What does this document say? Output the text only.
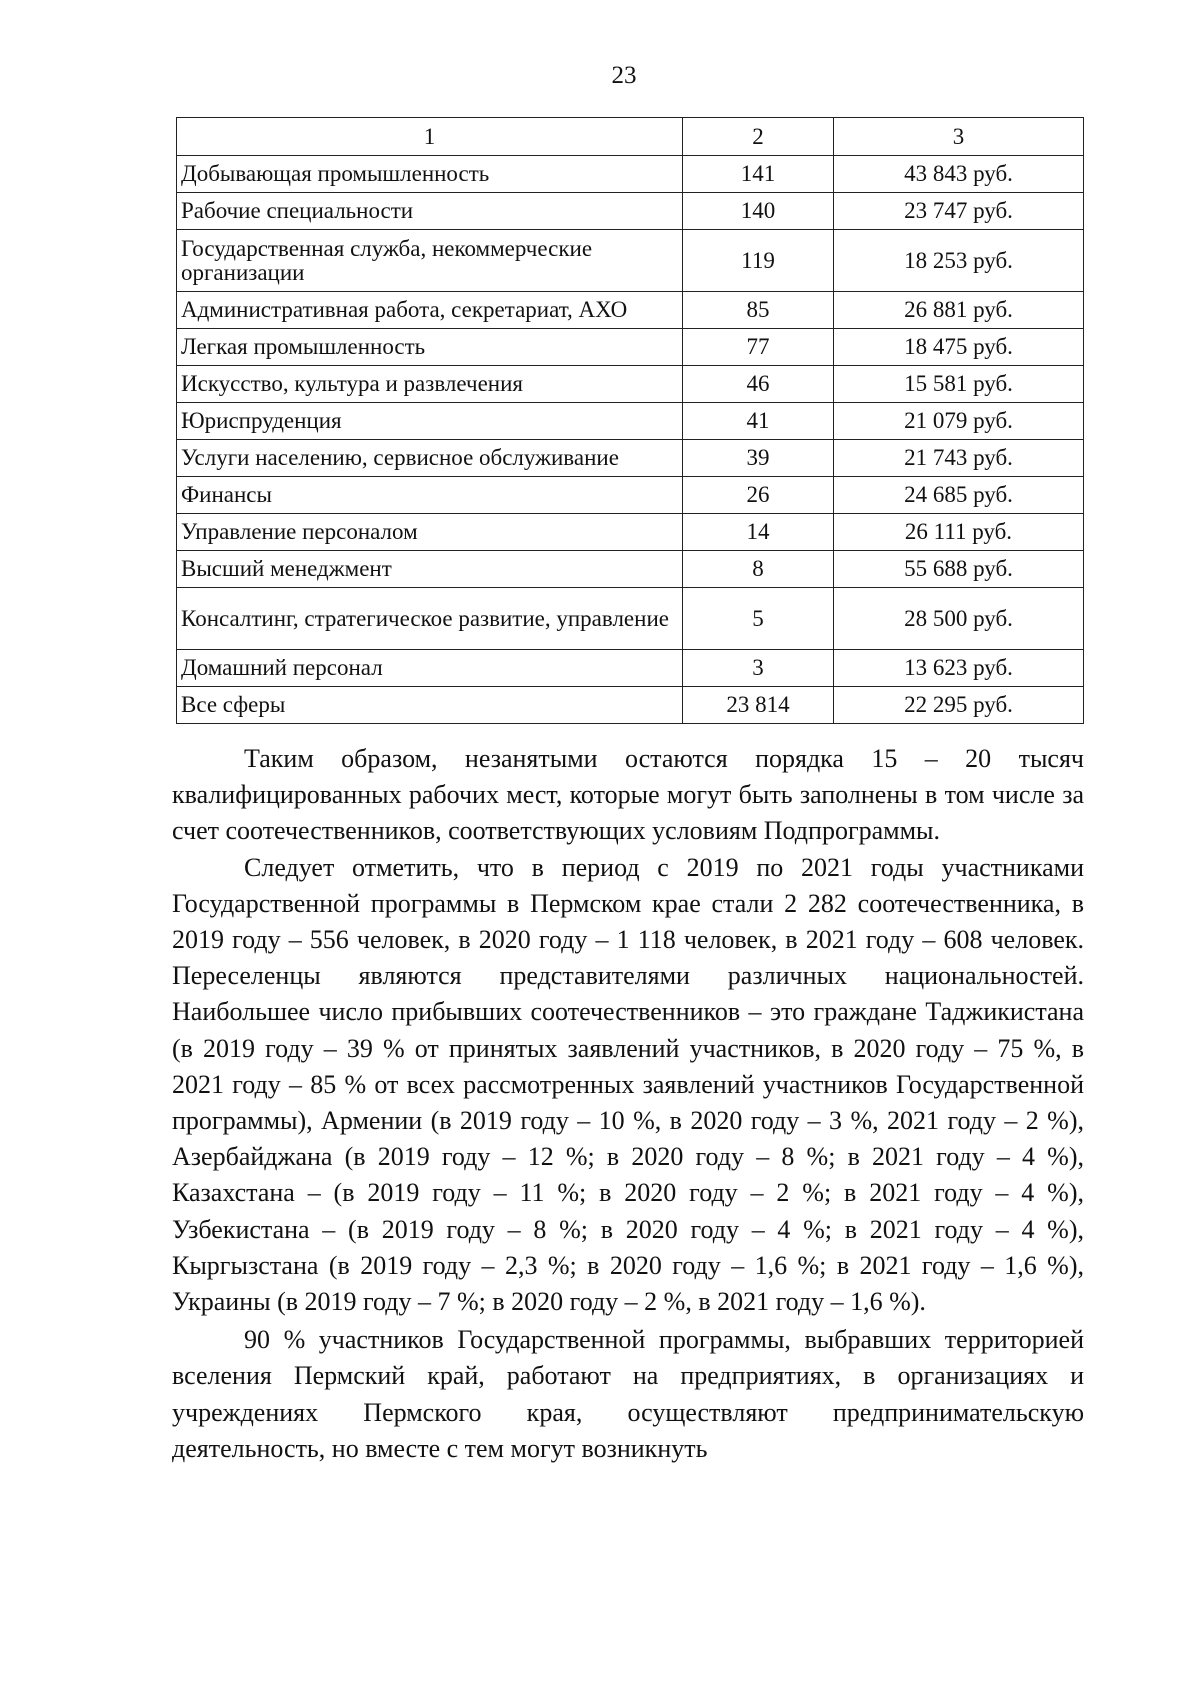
23
1	2	3
Добывающая промышленность	141	43 843 руб.
Рабочие специальности	140	23 747 руб.
Государственная служба, некоммерческие организации	119	18 253 руб.
Административная работа, секретариат, АХО	85	26 881 руб.
Легкая промышленность	77	18 475 руб.
Искусство, культура и развлечения	46	15 581 руб.
Юриспруденция	41	21 079 руб.
Услуги населению, сервисное обслуживание	39	21 743 руб.
Финансы	26	24 685 руб.
Управление персоналом	14	26 111 руб.
Высший менеджмент	8	55 688 руб.
Консалтинг, стратегическое развитие, управление	5	28 500 руб.
Домашний персонал	3	13 623 руб.
Все сферы	23 814	22 295 руб.

Таким образом, незанятыми остаются порядка 15 – 20 тысяч квалифицированных рабочих мест, которые могут быть заполнены в том числе за счет соотечественников, соответствующих условиям Подпрограммы.

Следует отметить, что в период с 2019 по 2021 годы участниками Государственной программы в Пермском крае стали 2 282 соотечественника, в 2019 году – 556 человек, в 2020 году – 1 118 человек, в 2021 году – 608 человек. Переселенцы являются представителями различных национальностей. Наибольшее число прибывших соотечественников – это граждане Таджикистана (в 2019 году – 39 % от принятых заявлений участников, в 2020 году – 75 %, в 2021 году – 85 % от всех рассмотренных заявлений участников Государственной программы), Армении (в 2019 году – 10 %, в 2020 году – 3 %, 2021 году – 2 %), Азербайджана (в 2019 году – 12 %; в 2020 году – 8 %; в 2021 году – 4 %), Казахстана – (в 2019 году – 11 %; в 2020 году – 2 %; в 2021 году – 4 %), Узбекистана – (в 2019 году – 8 %; в 2020 году – 4 %; в 2021 году – 4 %), Кыргызстана (в 2019 году – 2,3 %; в 2020 году – 1,6 %; в 2021 году – 1,6 %), Украины (в 2019 году – 7 %; в 2020 году – 2 %, в 2021 году – 1,6 %).

90 % участников Государственной программы, выбравших территорией вселения Пермский край, работают на предприятиях, в организациях и учреждениях Пермского края, осуществляют предпринимательскую деятельность, но вместе с тем могут возникнуть
